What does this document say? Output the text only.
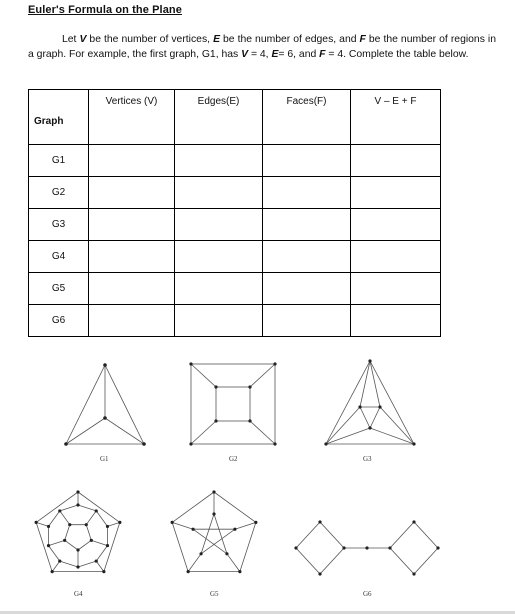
Euler's Formula on the Plane
Let V be the number of vertices, E be the number of edges, and F be the number of regions in a graph. For example, the first graph, G1, has V = 4, E= 6, and F = 4. Complete the table below.
Graph	Vertices (V)	Edges(E)	Faces(F)	V – E + F
G1				
G2				
G3				
G4				
G5				
G6				
G1	G2	G3
G4	G5	G6
